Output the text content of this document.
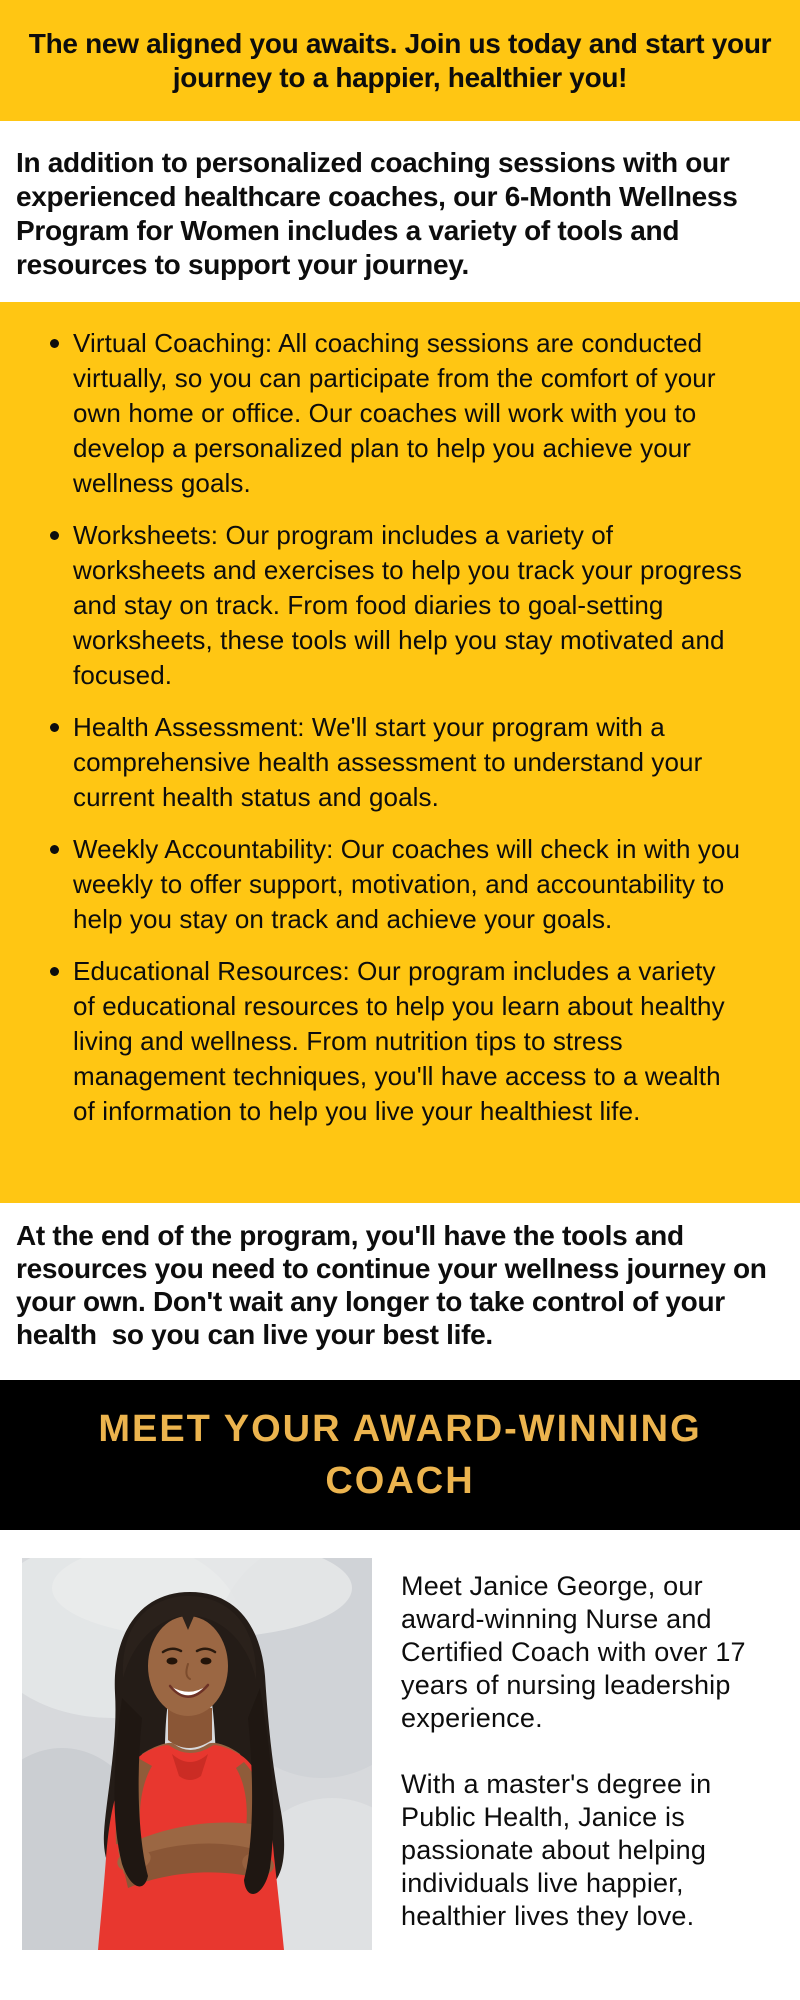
The new aligned you awaits. Join us today and start your journey to a happier, healthier you!

In addition to personalized coaching sessions with our experienced healthcare coaches, our 6-Month Wellness Program for Women includes a variety of tools and resources to support your journey.

Virtual Coaching: All coaching sessions are conducted virtually, so you can participate from the comfort of your own home or office. Our coaches will work with you to develop a personalized plan to help you achieve your wellness goals.
Worksheets: Our program includes a variety of worksheets and exercises to help you track your progress and stay on track. From food diaries to goal-setting worksheets, these tools will help you stay motivated and focused.
Health Assessment: We'll start your program with a comprehensive health assessment to understand your current health status and goals.
Weekly Accountability: Our coaches will check in with you weekly to offer support, motivation, and accountability to help you stay on track and achieve your goals.
Educational Resources: Our program includes a variety of educational resources to help you learn about healthy living and wellness. From nutrition tips to stress management techniques, you'll have access to a wealth of information to help you live your healthiest life.

At the end of the program, you'll have the tools and resources you need to continue your wellness journey on your own. Don't wait any longer to take control of your health  so you can live your best life.

MEET YOUR AWARD-WINNING COACH

Meet Janice George, our award-winning Nurse and Certified Coach with over 17 years of nursing leadership experience.

With a master's degree in Public Health, Janice is passionate about helping individuals live happier, healthier lives they love.
